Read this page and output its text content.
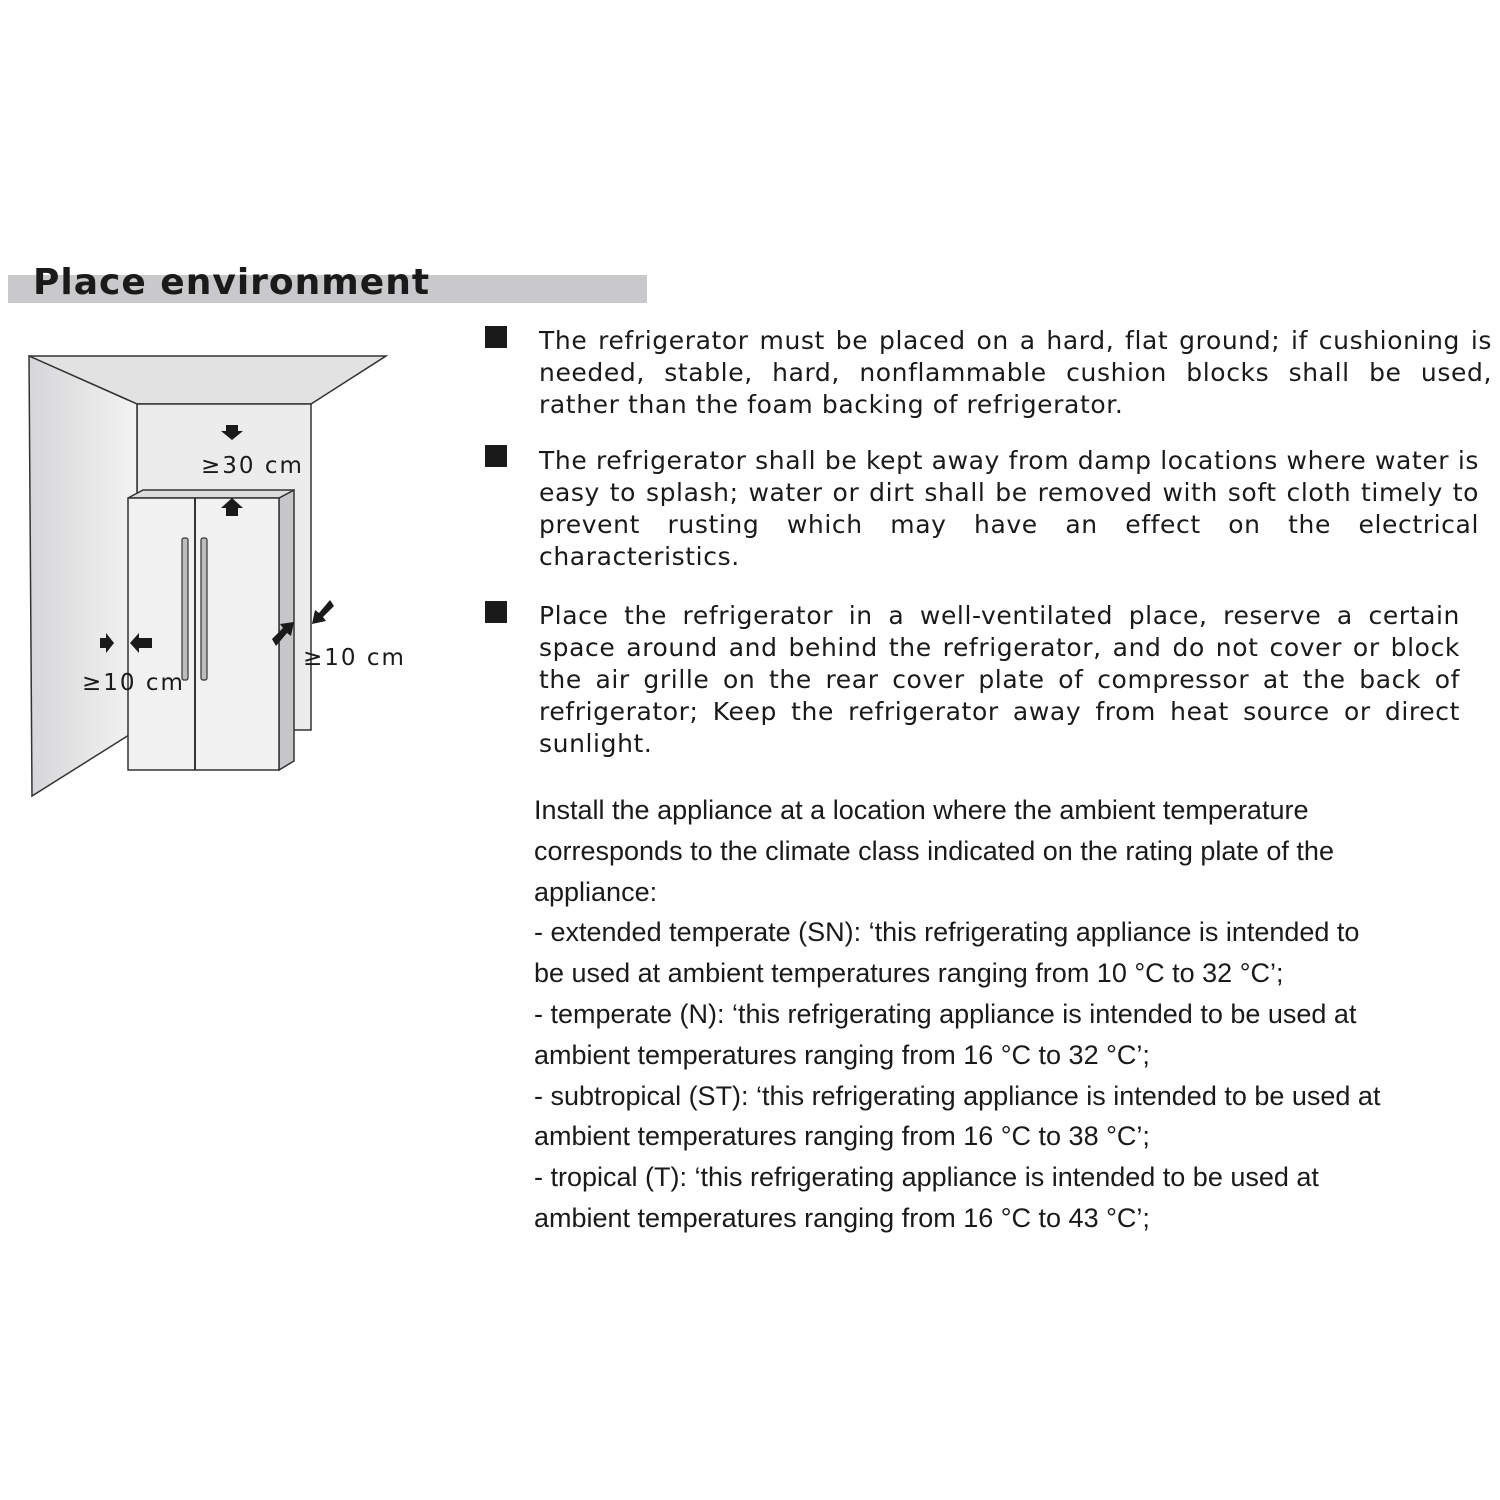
Place environment
≥30 cm
≥10 cm
≥10 cm

The refrigerator must be placed on a hard, flat ground; if cushioning is needed, stable, hard, nonflammable cushion blocks shall be used, rather than the foam backing of refrigerator.

The refrigerator shall be kept away from damp locations where water is easy to splash; water or dirt shall be removed with soft cloth timely to prevent rusting which may have an effect on the electrical characteristics.

Place the refrigerator in a well-ventilated place, reserve a certain space around and behind the refrigerator, and do not cover or block the air grille on the rear cover plate of compressor at the back of refrigerator; Keep the refrigerator away from heat source or direct sunlight.

Install the appliance at a location where the ambient temperature
corresponds to the climate class indicated on the rating plate of the
appliance:
- extended temperate (SN): ‘this refrigerating appliance is intended to
be used at ambient temperatures ranging from 10 °C to 32 °C’;
- temperate (N): ‘this refrigerating appliance is intended to be used at
ambient temperatures ranging from 16 °C to 32 °C’;
- subtropical (ST): ‘this refrigerating appliance is intended to be used at
ambient temperatures ranging from 16 °C to 38 °C’;
- tropical (T): ‘this refrigerating appliance is intended to be used at
ambient temperatures ranging from 16 °C to 43 °C’;
